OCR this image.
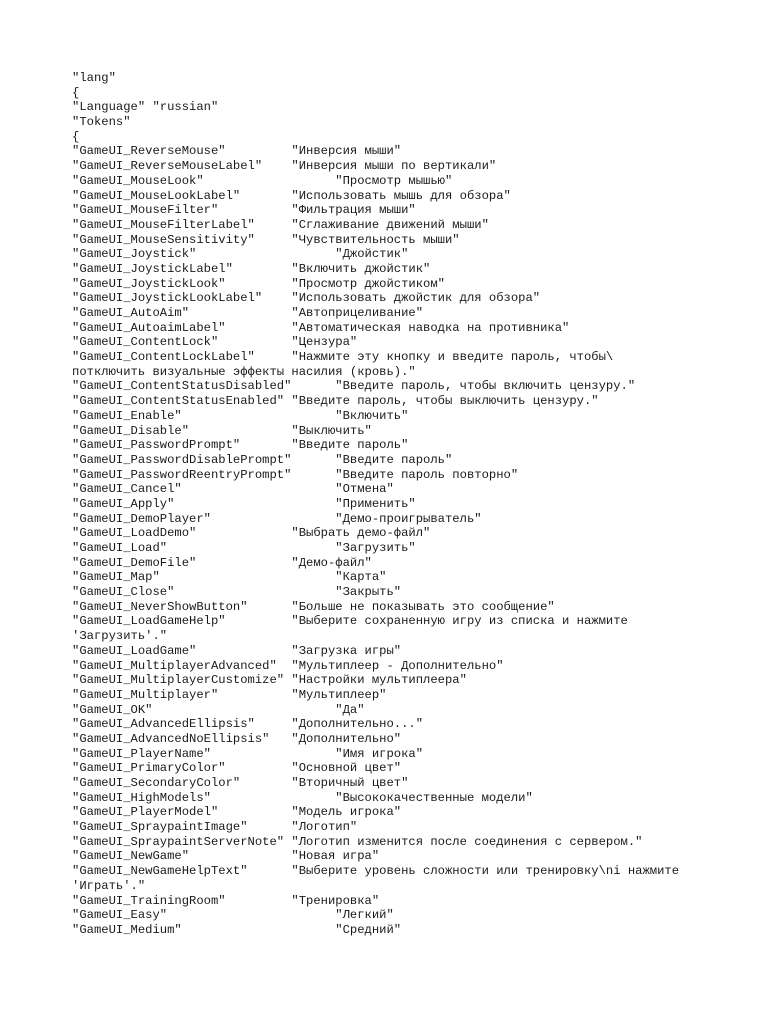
"lang"
{
"Language" "russian"
"Tokens"
{
"GameUI_ReverseMouse"         "Инверсия мыши"
"GameUI_ReverseMouseLabel"    "Инверсия мыши по вертикали"
"GameUI_MouseLook"                  "Просмотр мышью"
"GameUI_MouseLookLabel"       "Использовать мышь для обзора"
"GameUI_MouseFilter"          "Фильтрация мыши"
"GameUI_MouseFilterLabel"     "Сглаживание движений мыши"
"GameUI_MouseSensitivity"     "Чувствительность мыши"
"GameUI_Joystick"                   "Джойстик"
"GameUI_JoystickLabel"        "Включить джойстик"
"GameUI_JoystickLook"         "Просмотр джойстиком"
"GameUI_JoystickLookLabel"    "Использовать джойстик для обзора"
"GameUI_AutoAim"              "Автоприцеливание"
"GameUI_AutoaimLabel"         "Автоматическая наводка на противника"
"GameUI_ContentLock"          "Цензура"
"GameUI_ContentLockLabel"     "Нажмите эту кнопку и введите пароль, чтобы\
потключить визуальные эффекты насилия (кровь)."
"GameUI_ContentStatusDisabled"      "Введите пароль, чтобы включить цензуру."
"GameUI_ContentStatusEnabled" "Введите пароль, чтобы выключить цензуру."
"GameUI_Enable"                     "Включить"
"GameUI_Disable"              "Выключить"
"GameUI_PasswordPrompt"       "Введите пароль"
"GameUI_PasswordDisablePrompt"      "Введите пароль"
"GameUI_PasswordReentryPrompt"      "Введите пароль повторно"
"GameUI_Cancel"                     "Отмена"
"GameUI_Apply"                      "Применить"
"GameUI_DemoPlayer"                 "Демо-проигрыватель"
"GameUI_LoadDemo"             "Выбрать демо-файл"
"GameUI_Load"                       "Загрузить"
"GameUI_DemoFile"             "Демо-файл"
"GameUI_Map"                        "Карта"
"GameUI_Close"                      "Закрыть"
"GameUI_NeverShowButton"      "Больше не показывать это сообщение"
"GameUI_LoadGameHelp"         "Выберите сохраненную игру из списка и нажмите
'Загрузить'."
"GameUI_LoadGame"             "Загрузка игры"
"GameUI_MultiplayerAdvanced"  "Мультиплеер - Дополнительно"
"GameUI_MultiplayerCustomize" "Настройки мультиплеера"
"GameUI_Multiplayer"          "Мультиплеер"
"GameUI_OK"                         "Да"
"GameUI_AdvancedEllipsis"     "Дополнительно..."
"GameUI_AdvancedNoEllipsis"   "Дополнительно"
"GameUI_PlayerName"                 "Имя игрока"
"GameUI_PrimaryColor"         "Основной цвет"
"GameUI_SecondaryColor"       "Вторичный цвет"
"GameUI_HighModels"                 "Высококачественные модели"
"GameUI_PlayerModel"          "Модель игрока"
"GameUI_SpraypaintImage"      "Логотип"
"GameUI_SpraypaintServerNote" "Логотип изменится после соединения с сервером."
"GameUI_NewGame"              "Новая игра"
"GameUI_NewGameHelpText"      "Выберите уровень сложности или тренировку\ni нажмите
'Играть'."
"GameUI_TrainingRoom"         "Тренировка"
"GameUI_Easy"                       "Легкий"
"GameUI_Medium"                     "Средний"
